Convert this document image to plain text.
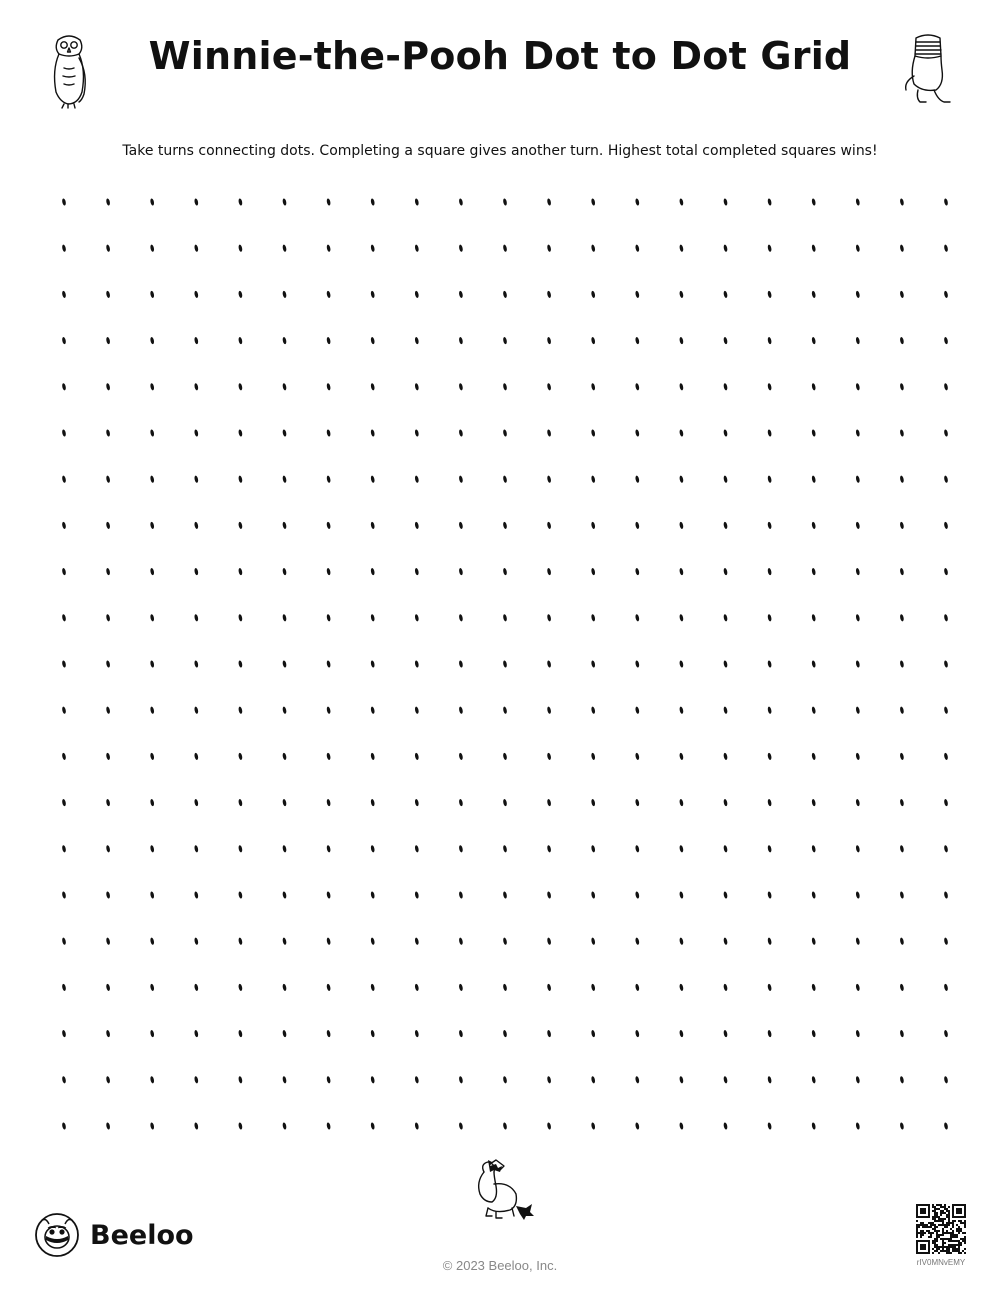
Winnie-the-Pooh Dot to Dot Grid

Take turns connecting dots. Completing a square gives another turn. Highest total completed squares wins!

Beeloo
© 2023 Beeloo, Inc.	rIV0MNvEMY
